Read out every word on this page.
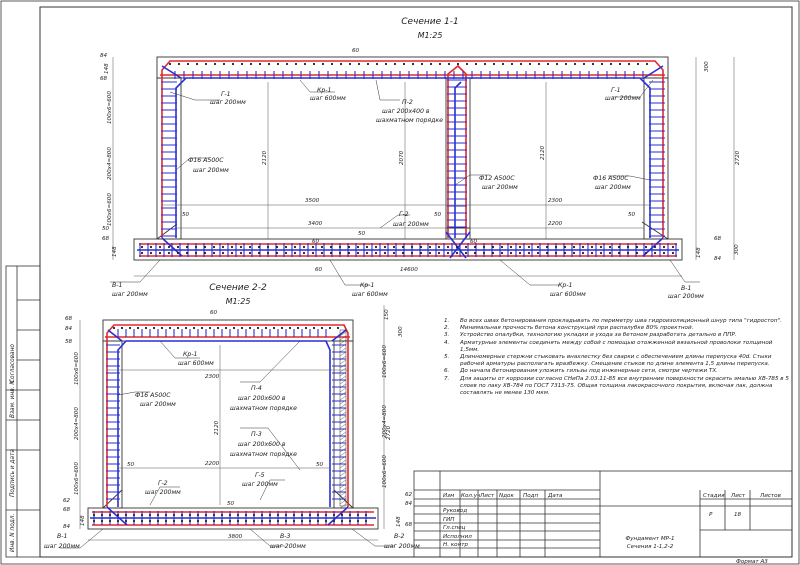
Сечение 1-1
М1:25
Г-1
шаг 200мм
Кр-1
шаг 600мм
П-2
шаг 200х400 в
шахматном порядке
Г-1
шаг 200мм
Ф16 А500С
шаг 200мм
Ф12 А500С
шаг 200мм
Ф16 А500С
шаг 200мм
Г-2
шаг 200мм
В-1
шаг 200мм
Кр-1
шаг 600мм
Кр-1
шаг 600мм
В-1
шаг 200мм
60
3500
3400
2300
2200
14600
50	50
50
50
60
60
60
2120	2070	2120	2720
84
148
68
100х6=600
200х4=800
100х6=600
50
68
148
300
148
68
84
300
Сечение 2-2
М1:25
Кр-1
шаг 600мм
Ф16 А500С
шаг 200мм
П-4
шаг 200х600 в
шахматном порядке
П-3
шаг 200х600 в
шахматном порядке
Г-2
шаг 200мм
Г-5
шаг 200мм
В-1
шаг 200мм
В-3
шаг 200мм
В-2
шаг 200мм
2300
2200
2120	2720
3800
50	50
60
50
68
84
58
100х6=600
200х4=800
100х6=600
62
68
148
84
150
300
100х6=600
200х4=800
100х6=600
62
84
148 68
Согласовано
Взам. инв. N
Подпись и дата
Инв. N подл.
Изм Кол.уч Лист Nдок Подп Дата
Руковод
ГИП
Гл.спец
Исполнил
Н. контр
Стадия Лист	Листов
Р	18
Фундамент МР-1
Сечения 1-1,2-2
Формат А3
1. Во всех швах бетонирования прокладывать по периметру шва гидроизоляционный шнур типа "гидростоп".
2. Минимальная прочность бетона конструкций при распалубке 80% проектной.
3. Устройство опалубки, технологию укладки и ухода за бетоном разработать детально в ППР.
4. Арматурные элементы соединять между собой с помощью отожженной вязальной проволоки толщиной 1,5мм.
5. Длинномерные стержни стыковать внахлестку без сварки с обеспечением длины перепуска 40d. Стыки рабочей арматуры располагать вразбежку. Смещение стыков по длине элемента 1,5 длины перепуска.
6. До начала бетонирования уложить гильзы под инженерные сети, смотри чертежи ТХ.
7. Для защиты от коррозии согласно СНиПа 2.03.11-85 все внутренние поверхности окрасить эмалью ХВ-785 в 5 слоев по лаку ХВ-784 по ГОСТ 7313-75. Общая толщина лакокрасочного покрытия, включая лак, должна составлять не менее 130 мкм.
